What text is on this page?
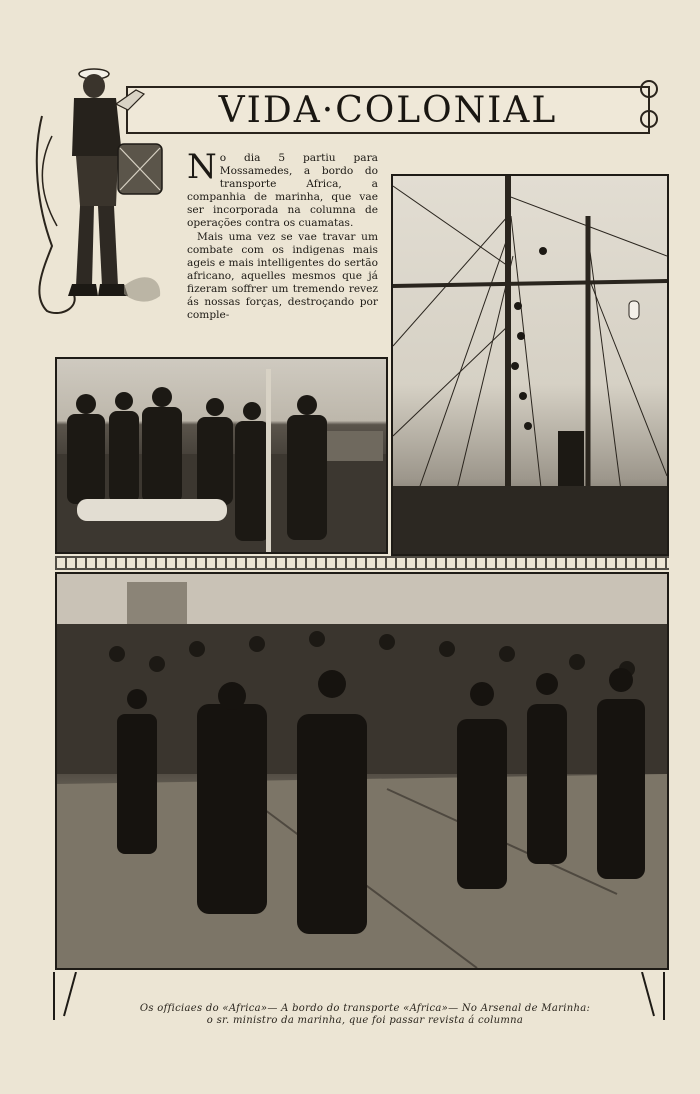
VIDA·COLONIAL

No dia 5 partiu para Mossamedes, a bordo do transporte Africa, a companhia de marinha, que vae ser incorporada na columna de operações contra os cuamatas.

Mais uma vez se vae travar um combate com os indigenas mais ageis e mais intelligentes do sertão africano, aquelles mesmos que já fizeram soffrer um tremendo revez ás nossas forças, destroçando por comple-

Os officiaes do «Africa»— A bordo do transporte «Africa»— No Arsenal de Marinha:
o sr. ministro da marinha, que foi passar revista á columna
